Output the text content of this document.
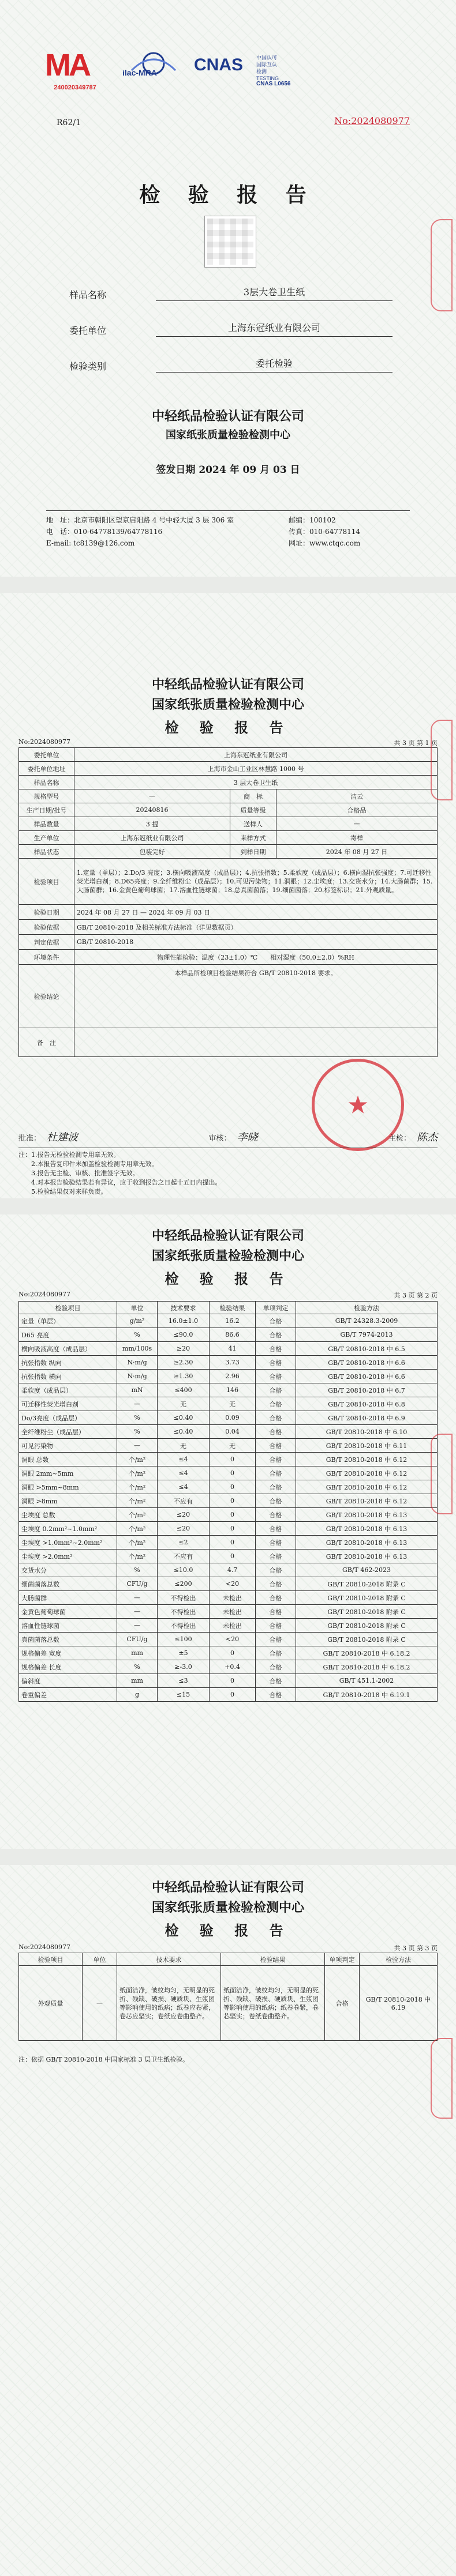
MA
240020349787
ilac-MRA CNAS	中国认可
国际互认
检测
TESTING
CNAS L0656
R62/1	No:2024080977
检 验 报 告
样品名称	3层大卷卫生纸
委托单位	上海东冠纸业有限公司
检验类别	委托检验
中轻纸品检验认证有限公司
国家纸张质量检验检测中心
签发日期 2024 年 09 月 03 日
地　址：北京市朝阳区望京启阳路 4 号中轻大厦 3 层 306 室	邮编：100102
电　话：010-64778139/64778116	传真：010-64778114
E-mail: tc8139@126.com	网址：www.ctqc.com
中轻纸品检验认证有限公司
国家纸张质量检验检测中心
检 验 报 告
No:2024080977	共 3 页 第 1 页
委托单位	上海东冠纸业有限公司		
委托单位地址	上海市金山工业区林慧路 1000 号		
样品名称	3 层大卷卫生纸		
规格型号	—	商　标	洁云
生产日期/批号	20240816	质量等级	合格品
样品数量	3 提	送样人	—
生产单位	上海东冠纸业有限公司	来样方式	寄样
样品状态	包装完好	到样日期	2024 年 08 月 27 日
检验项目	1.定量（单层）；2.Do/3 亮度；3.横向吸液高度（成品层）；4.抗张指数；5.柔软度（成品层）；6.横向湿抗张强度；7.可迁移性荧光增白剂；8.D65亮度；9.全纤维粉尘（成品层）；10.可见污染物；11.洞眼；12.尘埃度；13.交货水分；14.大肠菌群；15.大肠菌群；16.金黄色葡萄球菌；17.溶血性链球菌；18.总真菌菌落；19.细菌菌落；20.标签标识；21.外观质量。		
检验日期	2024 年 08 月 27 日 — 2024 年 09 月 03 日		
检验依据	GB/T 20810-2018 及相关标准方法标准（详见数据页）		
判定依据	GB/T 20810-2018		
环境条件	物理性能检验：温度（23±1.0）℃　　相对湿度（50.0±2.0）%RH		
检验结论	本样品所检项目检验结果符合 GB/T 20810-2018 要求。		
备　注			
★
批准： 杜建波	审核： 李晓	主检： 陈杰
注：1.报告无检验检测专用章无效。
　　2.本报告复印件未加盖检验检测专用章无效。
　　3.报告无主检、审核、批准签字无效。
　　4.对本报告检验结果若有异议，应于收到报告之日起十五日内提出。
　　5.检验结果仅对来样负责。
中轻纸品检验认证有限公司
国家纸张质量检验检测中心
检 验 报 告
No:2024080977	共 3 页 第 2 页
检验项目	单位	技术要求	检验结果	单项判定	检验方法
定量（单层）	g/m²	16.0±1.0	16.2	合格	GB/T 24328.3-2009
D65 亮度	%	≤90.0	86.6	合格	GB/T 7974-2013
横向吸液高度（成品层）	mm/100s	≥20	41	合格	GB/T 20810-2018 中 6.5
抗张指数 纵向	N·m/g	≥2.30	3.73	合格	GB/T 20810-2018 中 6.6
抗张指数 横向	N·m/g	≥1.30	2.96	合格	GB/T 20810-2018 中 6.6
柔软度（成品层）	mN	≤400	146	合格	GB/T 20810-2018 中 6.7
可迁移性荧光增白剂	—	无	无	合格	GB/T 20810-2018 中 6.8
Do/3亮度（成品层）	%	≤0.40	0.09	合格	GB/T 20810-2018 中 6.9
全纤维粉尘（成品层）	%	≤0.40	0.04	合格	GB/T 20810-2018 中 6.10
可见污染物	—	无	无	合格	GB/T 20810-2018 中 6.11
洞眼 总数	个/m²	≤4	0	合格	GB/T 20810-2018 中 6.12
洞眼 2mm~5mm	个/m²	≤4	0	合格	GB/T 20810-2018 中 6.12
洞眼 >5mm~8mm	个/m²	≤4	0	合格	GB/T 20810-2018 中 6.12
洞眼 >8mm	个/m²	不应有	0	合格	GB/T 20810-2018 中 6.12
尘埃度 总数	个/m²	≤20	0	合格	GB/T 20810-2018 中 6.13
尘埃度 0.2mm²~1.0mm²	个/m²	≤20	0	合格	GB/T 20810-2018 中 6.13
尘埃度 >1.0mm²~2.0mm²	个/m²	≤2	0	合格	GB/T 20810-2018 中 6.13
尘埃度 >2.0mm²	个/m²	不应有	0	合格	GB/T 20810-2018 中 6.13
交货水分	%	≤10.0	4.7	合格	GB/T 462-2023
细菌菌落总数	CFU/g	≤200	<20	合格	GB/T 20810-2018 附录 C
大肠菌群	—	不得检出	未检出	合格	GB/T 20810-2018 附录 C
金黄色葡萄球菌	—	不得检出	未检出	合格	GB/T 20810-2018 附录 C
溶血性链球菌	—	不得检出	未检出	合格	GB/T 20810-2018 附录 C
真菌菌落总数	CFU/g	≤100	<20	合格	GB/T 20810-2018 附录 C
规格偏差 宽度	mm	±5	0	合格	GB/T 20810-2018 中 6.18.2
规格偏差 长度	%	≥-3.0	+0.4	合格	GB/T 20810-2018 中 6.18.2
偏斜度	mm	≤3	0	合格	GB/T 451.1-2002
卷重偏差	g	≤15	0	合格	GB/T 20810-2018 中 6.19.1
中轻纸品检验认证有限公司
国家纸张质量检验检测中心
检 验 报 告
No:2024080977	共 3 页 第 3 页
检验项目	单位	技术要求	检验结果	单项判定	检验方法
外观质量	—	纸面洁净，皱纹均匀，无明显的死折、残缺、破损、硬质块、生浆团等影响使用的纸病；纸卷应卷紧，卷芯应坚实；卷纸应卷曲整齐。	纸面洁净，皱纹均匀，无明显的死折、残缺、破损、硬质块、生浆团等影响使用的纸病；纸卷卷紧，卷芯坚实；卷纸卷曲整齐。	合格	GB/T 20810-2018 中 6.19
注：依据 GB/T 20810-2018 中国家标准 3 层卫生纸检验。
